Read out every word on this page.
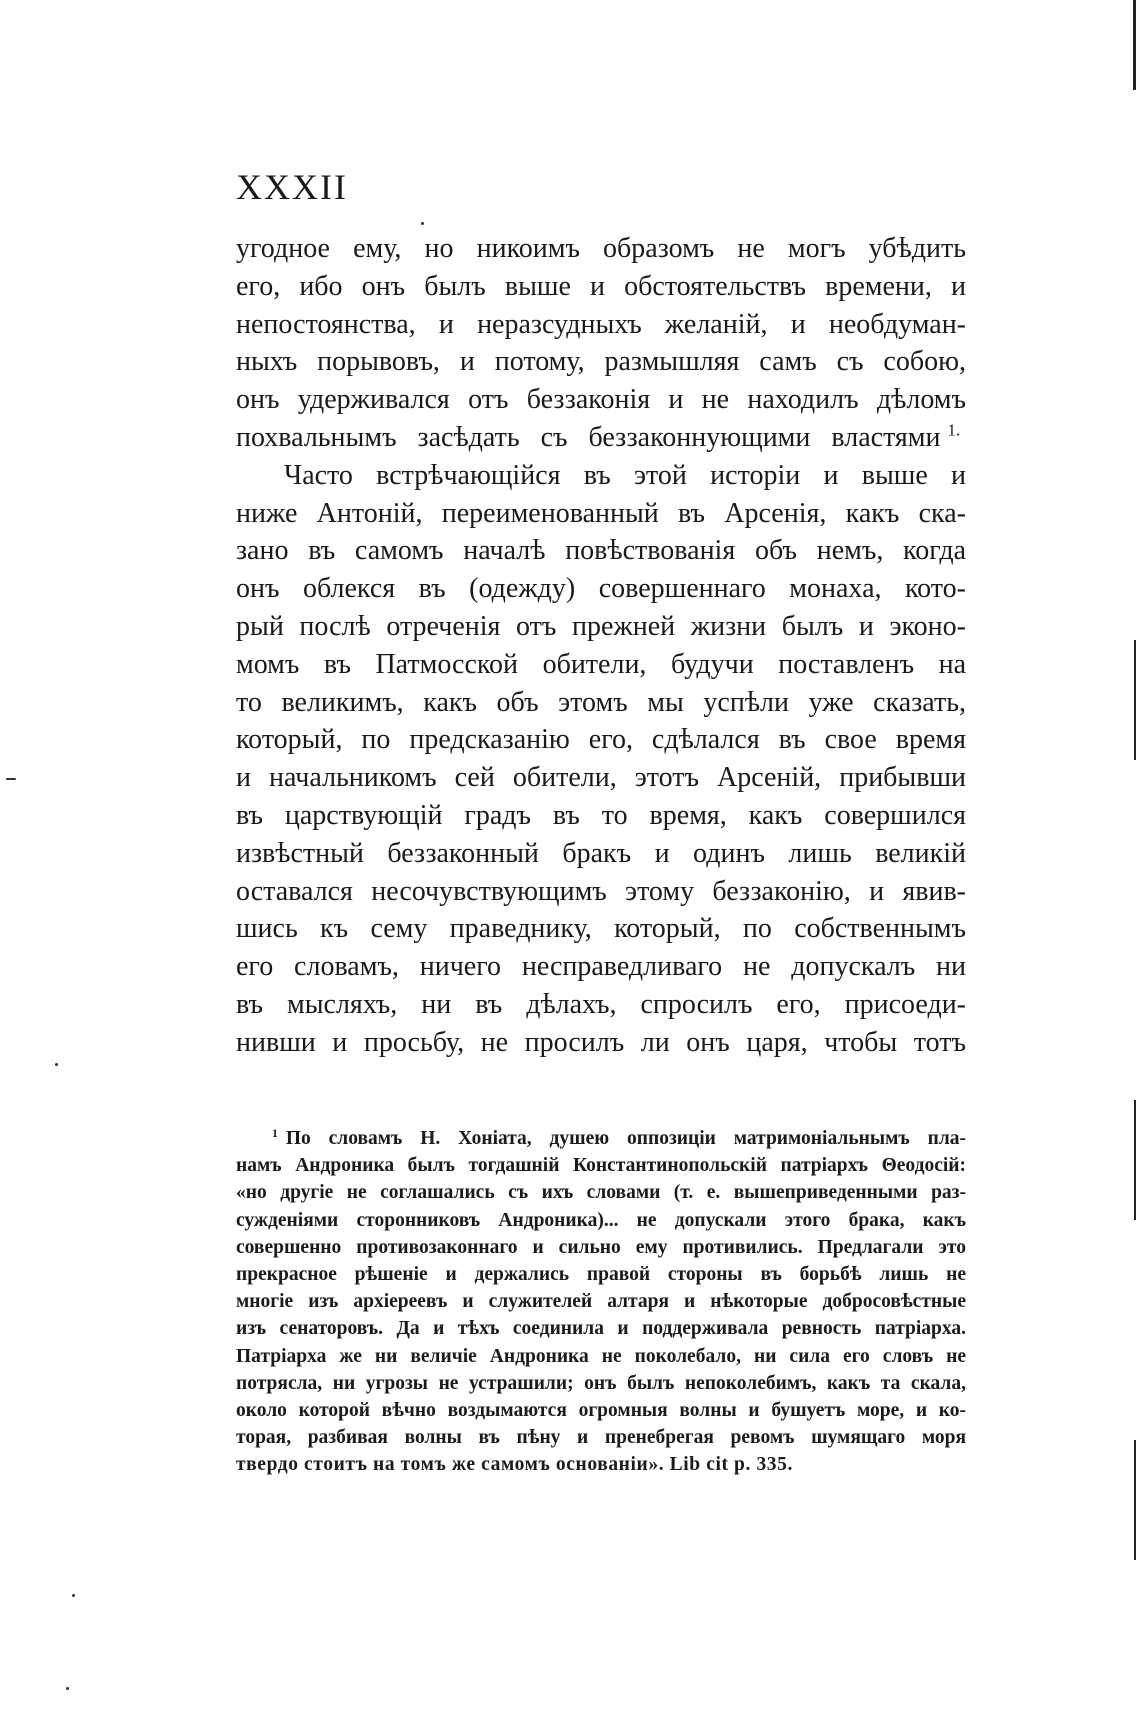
XXXII
угодное ему, но никоимъ образомъ не могъ убѣдить
его, ибо онъ былъ выше и обстоятельствъ времени, и
непостоянства, и неразсудныхъ желаній, и необдуман-
ныхъ порывовъ, и потому, размышляя самъ съ собою,
онъ удерживался отъ беззаконія и не находилъ дѣломъ
похвальнымъ засѣдать съ беззаконнующими властями $^{1.}$
Часто встрѣчающійся въ этой исторіи и выше и
ниже Антоній, переименованный въ Арсенія, какъ ска-
зано въ самомъ началѣ повѣствованія объ немъ, когда
онъ облекся въ (одежду) совершеннаго монаха, кото-
рый послѣ отреченія отъ прежней жизни былъ и эконо-
момъ въ Патмосской обители, будучи поставленъ на
то великимъ, какъ объ этомъ мы успѣли уже сказать,
который, по предсказанію его, сдѣлался въ свое время
и начальникомъ сей обители, этотъ Арсеній, прибывши
въ царствующій градъ въ то время, какъ совершился
извѣстный беззаконный бракъ и одинъ лишь великій
оставался несочувствующимъ этому беззаконію, и явив-
шись къ сему праведнику, который, по собственнымъ
его словамъ, ничего несправедливаго не допускалъ ни
въ мысляхъ, ни въ дѣлахъ, спросилъ его, присоеди-
нивши и просьбу, не просилъ ли онъ царя, чтобы тотъ
$^1$ По словамъ Н. Хоніата, душею оппозиціи матримоніальнымъ пла-
намъ Андроника былъ тогдашній Константинопольскій патріархъ Θеодосій:
«но другіе не соглашались съ ихъ словами (т. е. вышеприведенными раз-
сужденіями сторонниковъ Андроника)... не допускали этого брака, какъ
совершенно противозаконнаго и сильно ему противились. Предлагали это
прекрасное рѣшеніе и держались правой стороны въ борьбѣ лишь не
многіе изъ архіереевъ и служителей алтаря и нѣкоторые добросовѣстные
изъ сенаторовъ. Да и тѣхъ соединила и поддерживала ревность патріарха.
Патріарха же ни величіе Андроника не поколебало, ни сила его словъ не
потрясла, ни угрозы не устрашили; онъ былъ непоколебимъ, какъ та скала,
около которой вѣчно воздымаются огромныя волны и бушуетъ море, и ко-
торая, разбивая волны въ пѣну и пренебрегая ревомъ шумящаго моря
твердо стоитъ на томъ же самомъ основаніи». Lib cit p. 335.
